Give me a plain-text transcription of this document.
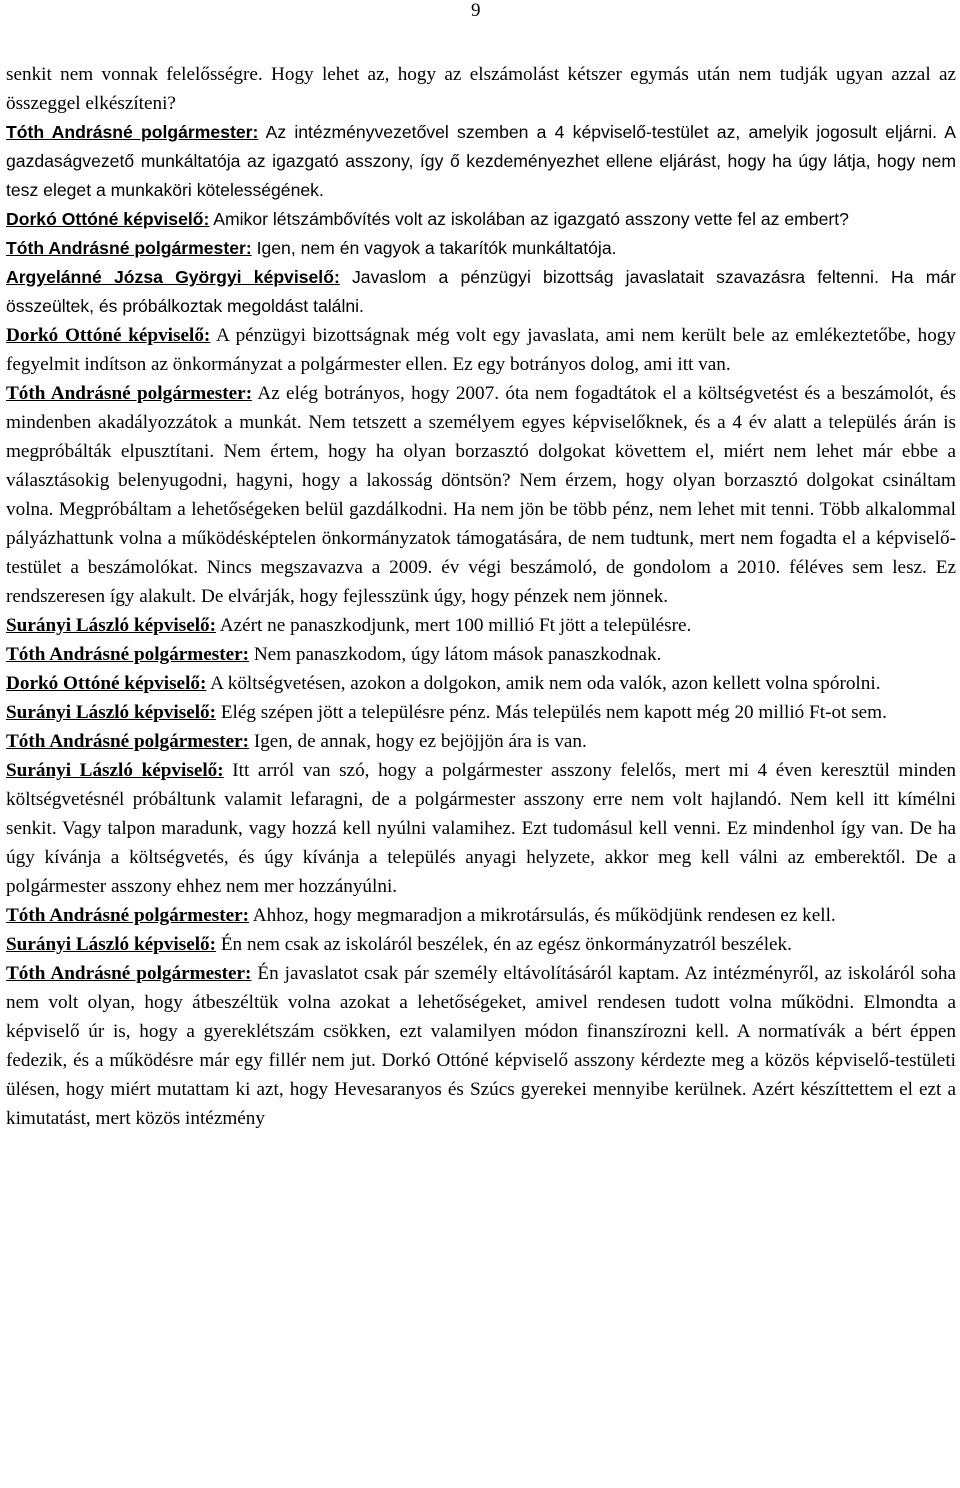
9

senkit nem vonnak felelősségre. Hogy lehet az, hogy az elszámolást kétszer egymás után nem tudják ugyan azzal az összeggel elkészíteni?

Tóth Andrásné polgármester: Az intézményvezetővel szemben a 4 képviselő-testület az, amelyik jogosult eljárni. A gazdaságvezető munkáltatója az igazgató asszony, így ő kezdeményezhet ellene eljárást, hogy ha úgy látja, hogy nem tesz eleget a munkaköri kötelességének.

Dorkó Ottóné képviselő: Amikor létszámbővítés volt az iskolában az igazgató asszony vette fel az embert?

Tóth Andrásné polgármester: Igen, nem én vagyok a takarítók munkáltatója.

Argyelánné Józsa Györgyi képviselő: Javaslom a pénzügyi bizottság javaslatait szavazásra feltenni. Ha már összeültek, és próbálkoztak megoldást találni.

Dorkó Ottóné képviselő: A pénzügyi bizottságnak még volt egy javaslata, ami nem került bele az emlékeztetőbe, hogy fegyelmit indítson az önkormányzat a polgármester ellen. Ez egy botrányos dolog, ami itt van.

Tóth Andrásné polgármester: Az elég botrányos, hogy 2007. óta nem fogadtátok el a költségvetést és a beszámolót, és mindenben akadályozzátok a munkát. Nem tetszett a személyem egyes képviselőknek, és a 4 év alatt a település árán is megpróbálták elpusztítani. Nem értem, hogy ha olyan borzasztó dolgokat követtem el, miért nem lehet már ebbe a választásokig belenyugodni, hagyni, hogy a lakosság döntsön? Nem érzem, hogy olyan borzasztó dolgokat csináltam volna. Megpróbáltam a lehetőségeken belül gazdálkodni. Ha nem jön be több pénz, nem lehet mit tenni. Több alkalommal pályázhattunk volna a működésképtelen önkormányzatok támogatására, de nem tudtunk, mert nem fogadta el a képviselő-testület a beszámolókat. Nincs megszavazva a 2009. év végi beszámoló, de gondolom a 2010. féléves sem lesz. Ez rendszeresen így alakult. De elvárják, hogy fejlesszünk úgy, hogy pénzek nem jönnek.

Surányi László képviselő: Azért ne panaszkodjunk, mert 100 millió Ft jött a településre.

Tóth Andrásné polgármester: Nem panaszkodom, úgy látom mások panaszkodnak.

Dorkó Ottóné képviselő: A költségvetésen, azokon a dolgokon, amik nem oda valók, azon kellett volna spórolni.

Surányi László képviselő: Elég szépen jött a településre pénz. Más település nem kapott még 20 millió Ft-ot sem.

Tóth Andrásné polgármester: Igen, de annak, hogy ez bejöjjön ára is van.

Surányi László képviselő: Itt arról van szó, hogy a polgármester asszony felelős, mert mi 4 éven keresztül minden költségvetésnél próbáltunk valamit lefaragni, de a polgármester asszony erre nem volt hajlandó. Nem kell itt kímélni senkit. Vagy talpon maradunk, vagy hozzá kell nyúlni valamihez. Ezt tudomásul kell venni. Ez mindenhol így van. De ha úgy kívánja a költségvetés, és úgy kívánja a település anyagi helyzete, akkor meg kell válni az emberektől. De a polgármester asszony ehhez nem mer hozzányúlni.

Tóth Andrásné polgármester: Ahhoz, hogy megmaradjon a mikrotársulás, és működjünk rendesen ez kell.

Surányi László képviselő: Én nem csak az iskoláról beszélek, én az egész önkormányzatról beszélek.

Tóth Andrásné polgármester: Én javaslatot csak pár személy eltávolításáról kaptam. Az intézményről, az iskoláról soha nem volt olyan, hogy átbeszéltük volna azokat a lehetőségeket, amivel rendesen tudott volna működni. Elmondta a képviselő úr is, hogy a gyereklétszám csökken, ezt valamilyen módon finanszírozni kell. A normatívák a bért éppen fedezik, és a működésre már egy fillér nem jut. Dorkó Ottóné képviselő asszony kérdezte meg a közös képviselő-testületi ülésen, hogy miért mutattam ki azt, hogy Hevesaranyos és Szúcs gyerekei mennyibe kerülnek. Azért készíttettem el ezt a kimutatást, mert közös intézmény
